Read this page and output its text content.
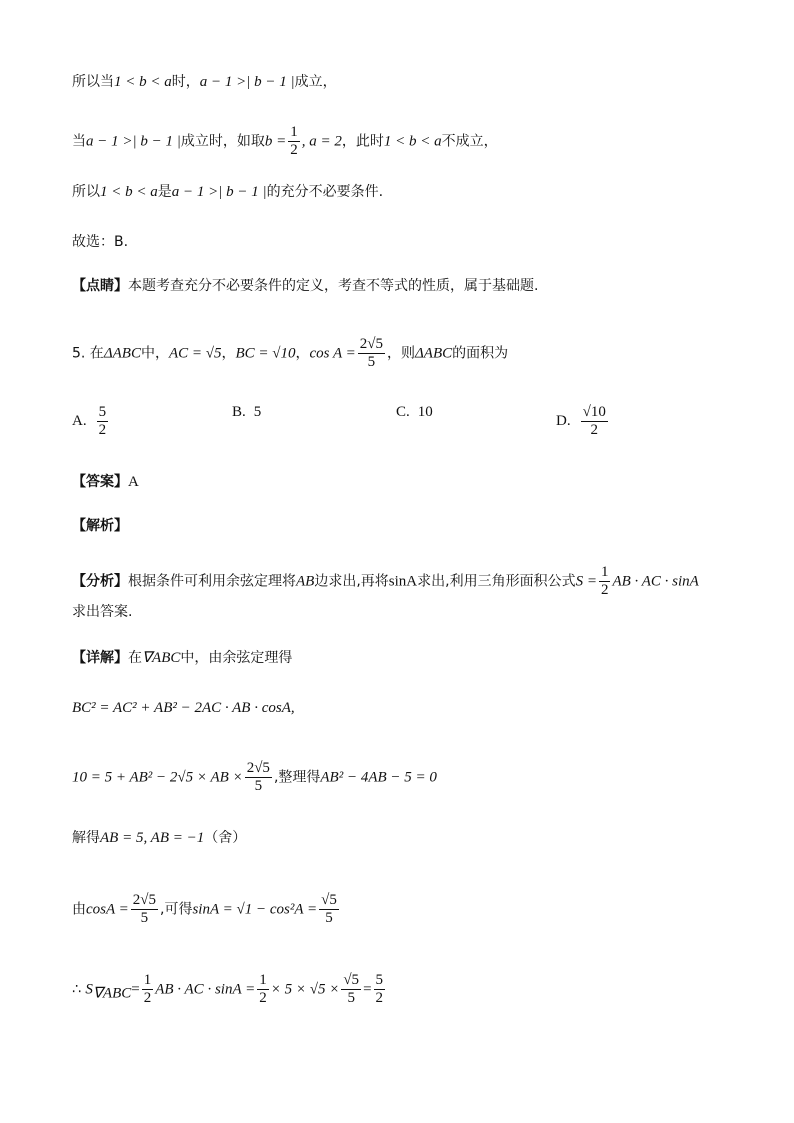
所以当1 < b < a时，a − 1 >| b − 1 |成立，
当a − 1 >| b − 1 |成立时，如取$b = \frac{1}{2}$ , a = 2，此时1 < b < a不成立，
所以1 < b < a是a − 1 >| b − 1 |的充分不必要条件.
故选：B.
【点睛】本题考查充分不必要条件的定义，考查不等式的性质，属于基础题.
5. 在ΔABC中，AC = √5，BC = √10，$\cos A = \frac{2√5}{5}$ ，则ΔABC的面积为
A. $\frac{5}{2}$	B. 5	C. 10
D. $\frac{√10}{2}$
【答案】A
【解析】
【分析】根据条件可利用余弦定理将AB边求出,再将sinA求出,利用三角形面积公式$S = \frac{1}{2}$ AB · AC · sinA
求出答案.
【详解】在∇ABC中，由余弦定理得
BC² = AC² + AB² − 2AC · AB · cosA,
10 = 5 + AB² − 2√5 × AB × $\frac{2√5}{5}$ ,整理得AB² − 4AB − 5 = 0
解得AB = 5, AB = −1（舍）
由$\cos A = \frac{2√5}{5}$ ,可得$\sin A = √1 - \cos^2A = \frac{√5}{5}$
∴ $S_{\nabla ABC}= \frac{1}{2}$ AB · AC · $\sin A = \frac{1}{2} \times 5 \times √5 \times \frac{√5}{5} = \frac{5}{2}$
